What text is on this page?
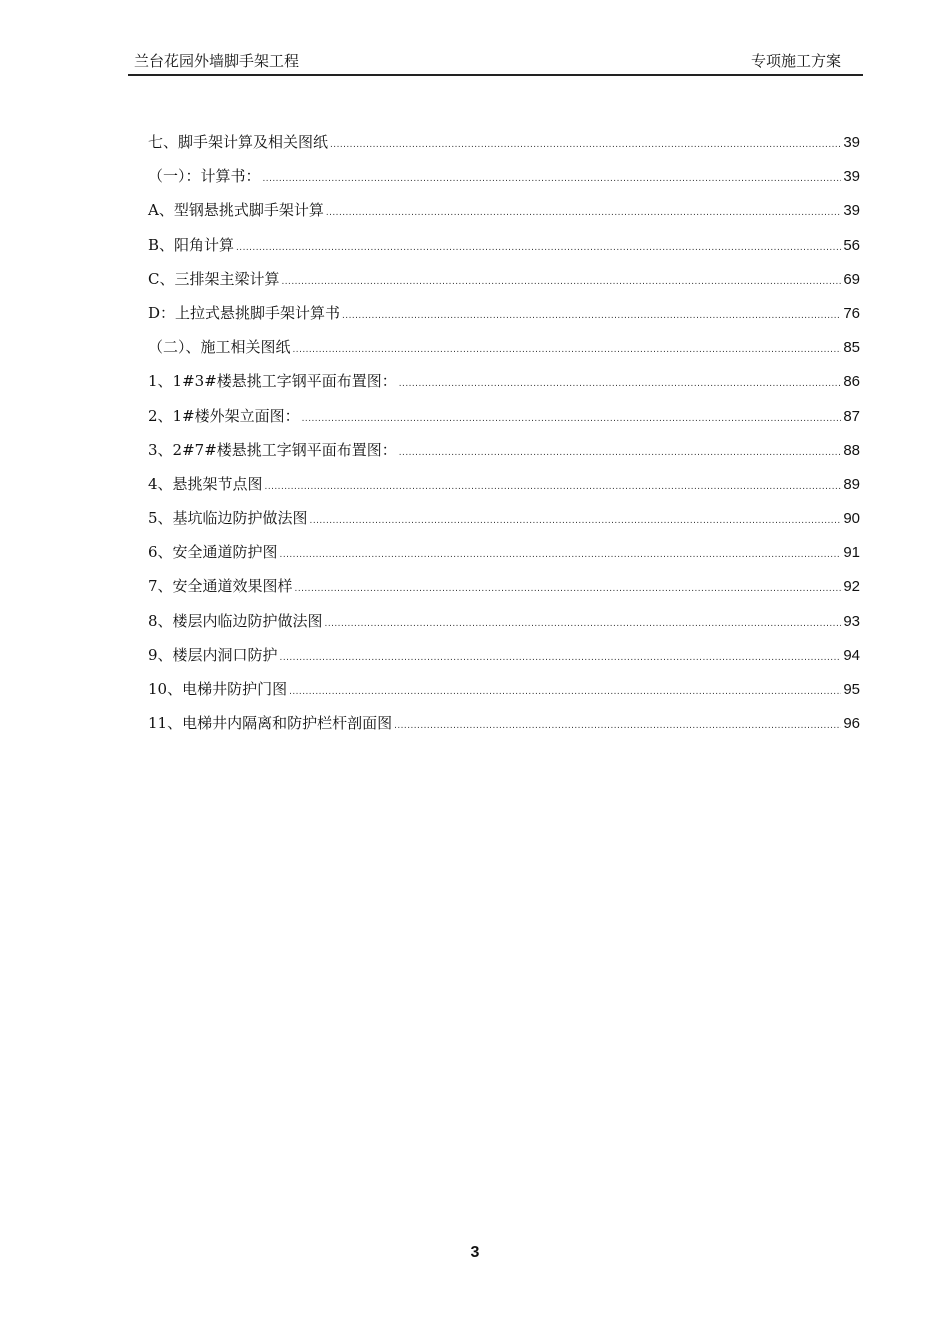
兰台花园外墙脚手架工程	专项施工方案
七、脚手架计算及相关图纸 .....	39
（一）：计算书： .....	39
A、型钢悬挑式脚手架计算 .....	39
B、阳角计算 .....	56
C、三排架主梁计算 .....	69
D：上拉式悬挑脚手架计算书 .....	76
（二）、施工相关图纸 .....	85
1、1#3#楼悬挑工字钢平面布置图： .....	86
2、1#楼外架立面图： .....	87
3、2#7#楼悬挑工字钢平面布置图： .....	88
4、悬挑架节点图 .....	89
5、基坑临边防护做法图 .....	90
6、安全通道防护图 .....	91
7、安全通道效果图样 .....	92
8、楼层内临边防护做法图 .....	93
9、楼层内洞口防护 .....	94
10、电梯井防护门图 .....	95
11、电梯井内隔离和防护栏杆剖面图 .....	96
3
